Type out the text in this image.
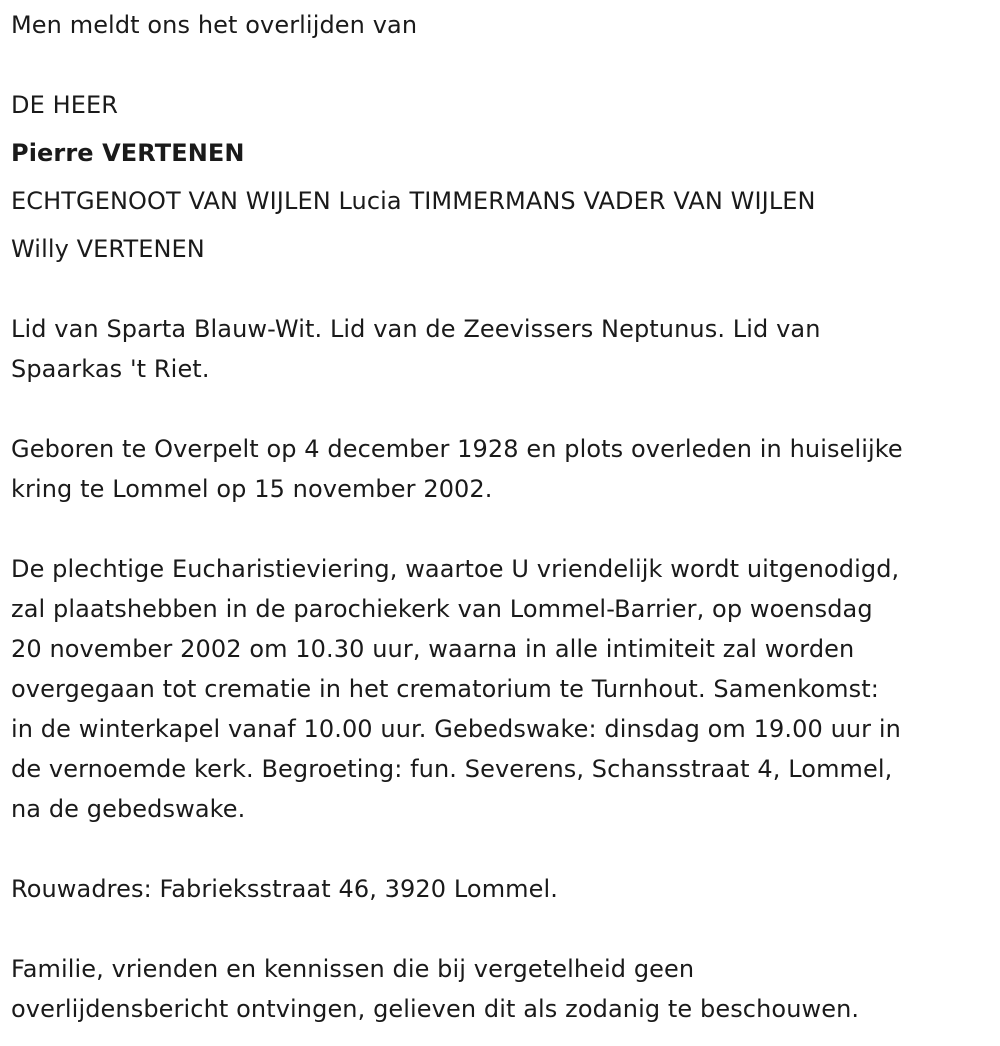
Men meldt ons het overlijden van
DE HEER
Pierre VERTENEN
ECHTGENOOT VAN WIJLEN Lucia TIMMERMANS VADER VAN WIJLEN
Willy VERTENEN
Lid van Sparta Blauw-Wit. Lid van de Zeevissers Neptunus. Lid van
Spaarkas 't Riet.
Geboren te Overpelt op 4 december 1928 en plots overleden in huiselijke
kring te Lommel op 15 november 2002.
De plechtige Eucharistieviering, waartoe U vriendelijk wordt uitgenodigd,
zal plaatshebben in de parochiekerk van Lommel-Barrier, op woensdag
20 november 2002 om 10.30 uur, waarna in alle intimiteit zal worden
overgegaan tot crematie in het crematorium te Turnhout. Samenkomst:
in de winterkapel vanaf 10.00 uur. Gebedswake: dinsdag om 19.00 uur in
de vernoemde kerk. Begroeting: fun. Severens, Schansstraat 4, Lommel,
na de gebedswake.
Rouwadres: Fabrieksstraat 46, 3920 Lommel.
Familie, vrienden en kennissen die bij vergetelheid geen
overlijdensbericht ontvingen, gelieven dit als zodanig te beschouwen.
